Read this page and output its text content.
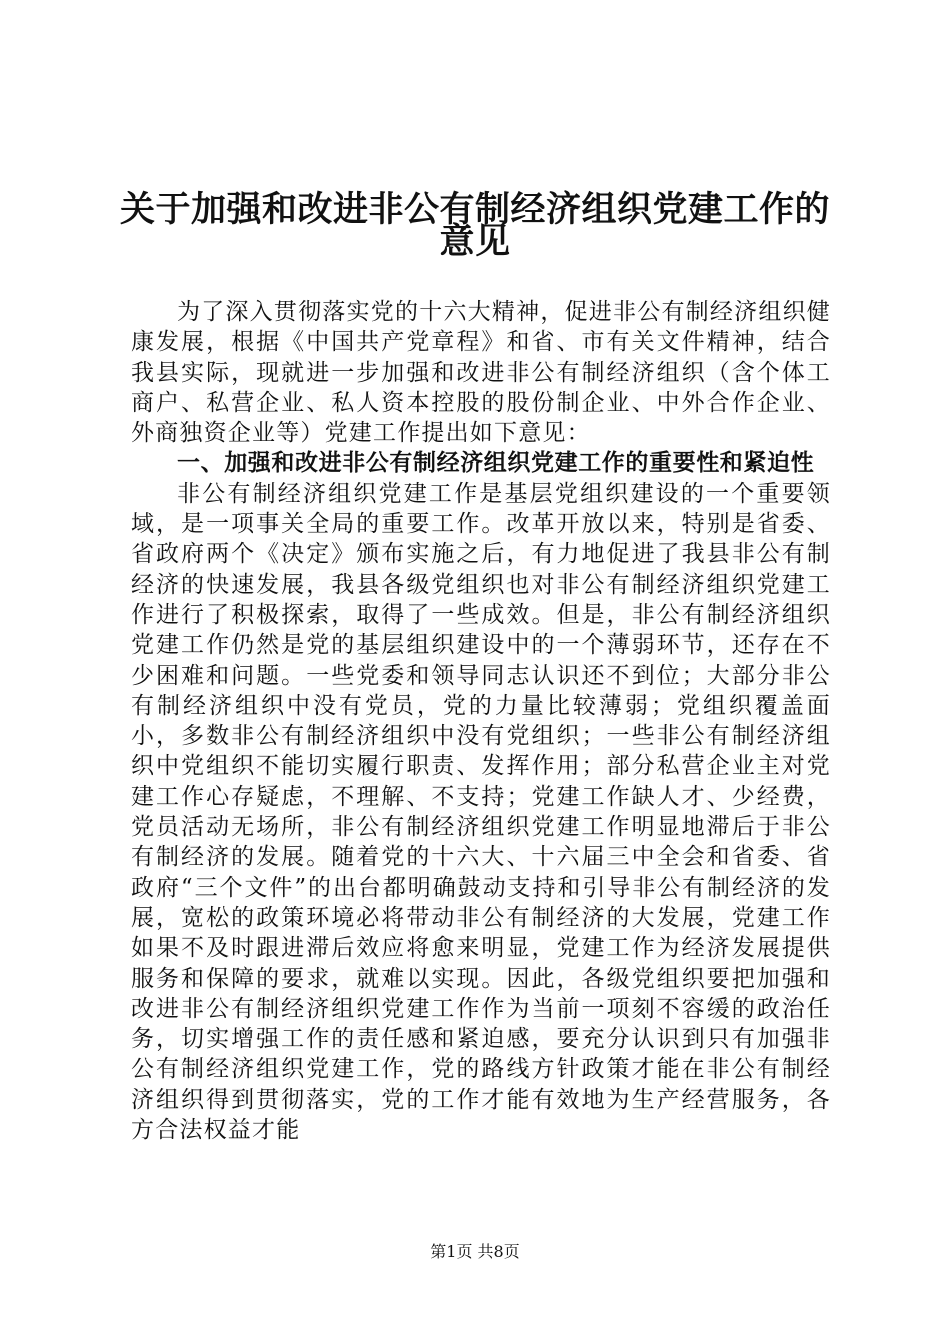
关于加强和改进非公有制经济组织党建工作的
意见

为了深入贯彻落实党的十六大精神，促进非公有制经济组织健康发展，根据《中国共产党章程》和省、市有关文件精神，结合我县实际，现就进一步加强和改进非公有制经济组织（含个体工商户、私营企业、私人资本控股的股份制企业、中外合作企业、外商独资企业等）党建工作提出如下意见：

一、加强和改进非公有制经济组织党建工作的重要性和紧迫性

非公有制经济组织党建工作是基层党组织建设的一个重要领域，是一项事关全局的重要工作。改革开放以来，特别是省委、省政府两个《决定》颁布实施之后，有力地促进了我县非公有制经济的快速发展，我县各级党组织也对非公有制经济组织党建工作进行了积极探索，取得了一些成效。但是，非公有制经济组织党建工作仍然是党的基层组织建设中的一个薄弱环节，还存在不少困难和问题。一些党委和领导同志认识还不到位；大部分非公有制经济组织中没有党员，党的力量比较薄弱；党组织覆盖面小，多数非公有制经济组织中没有党组织；一些非公有制经济组织中党组织不能切实履行职责、发挥作用；部分私营企业主对党建工作心存疑虑，不理解、不支持；党建工作缺人才、少经费，党员活动无场所，非公有制经济组织党建工作明显地滞后于非公有制经济的发展。随着党的十六大、十六届三中全会和省委、省政府“三个文件”的出台都明确鼓动支持和引导非公有制经济的发展，宽松的政策环境必将带动非公有制经济的大发展，党建工作如果不及时跟进滞后效应将愈来明显，党建工作为经济发展提供服务和保障的要求，就难以实现。因此，各级党组织要把加强和改进非公有制经济组织党建工作作为当前一项刻不容缓的政治任务，切实增强工作的责任感和紧迫感，要充分认识到只有加强非公有制经济组织党建工作，党的路线方针政策才能在非公有制经济组织得到贯彻落实，党的工作才能有效地为生产经营服务，各方合法权益才能

第1页 共8页
